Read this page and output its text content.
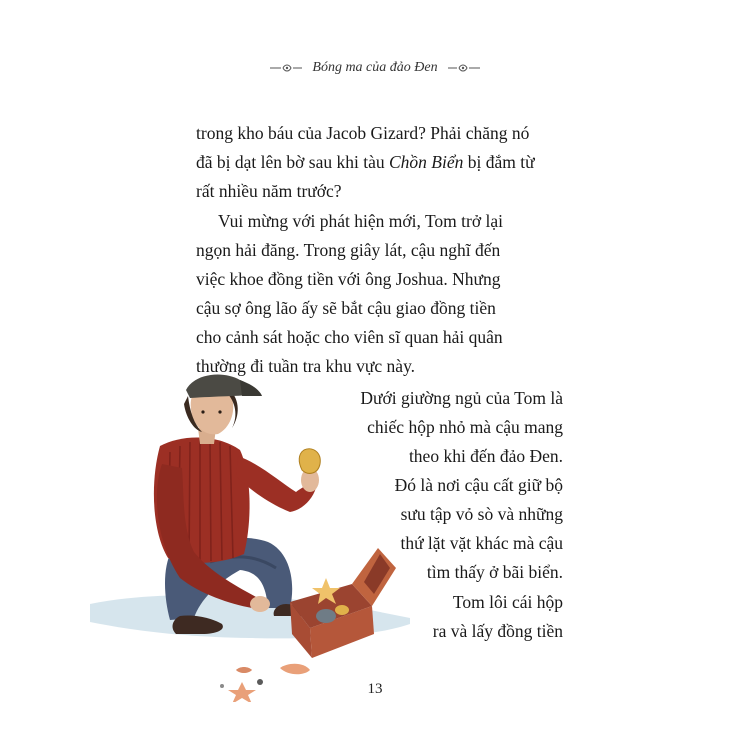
Bóng ma của đảo Đen
trong kho báu của Jacob Gizard? Phải chăng nó
đã bị dạt lên bờ sau khi tàu Chồn Biển bị đắm từ
rất nhiều năm trước?
Vui mừng với phát hiện mới, Tom trở lại
ngọn hải đăng. Trong giây lát, cậu nghĩ đến
việc khoe đồng tiền với ông Joshua. Nhưng
cậu sợ ông lão ấy sẽ bắt cậu giao đồng tiền
cho cảnh sát hoặc cho viên sĩ quan hải quân
thường đi tuần tra khu vực này.
Dưới giường ngủ của Tom là
chiếc hộp nhỏ mà cậu mang
theo khi đến đảo Đen.
Đó là nơi cậu cất giữ bộ
sưu tập vỏ sò và những
thứ lặt vặt khác mà cậu
tìm thấy ở bãi biển.
Tom lôi cái hộp
ra và lấy đồng tiền
13
